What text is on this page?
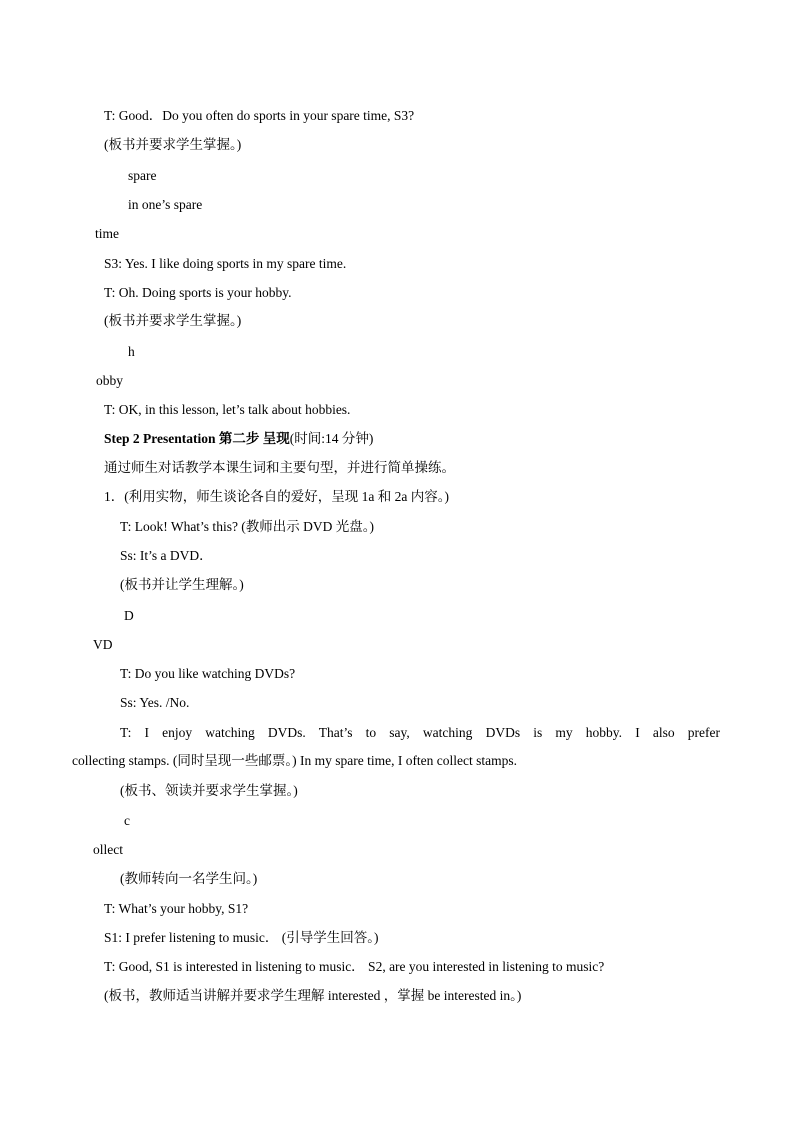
T: Good．Do you often do sports in your spare time, S3?
(板书并要求学生掌握。)
spare
in one’s spare
time
S3: Yes. I like doing sports in my spare time.
T: Oh. Doing sports is your hobby.
(板书并要求学生掌握。)
h
obby
T: OK, in this lesson, let’s talk about hobbies.
Step 2 Presentation 第二步 呈现(时间:14 分钟)
通过师生对话教学本课生词和主要句型，并进行简单操练。
1．(利用实物，师生谈论各自的爱好，呈现 1a 和 2a 内容。)
T: Look! What’s this? (教师出示 DVD 光盘。)
Ss: It’s a DVD．
(板书并让学生理解。)
D
VD
T: Do you like watching DVDs?
Ss: Yes. /No.
T: I enjoy watching DVDs. That’s to say, watching DVDs is my hobby. I also prefer
collecting stamps. (同时呈现一些邮票。) In my spare time, I often collect stamps.
(板书、领读并要求学生掌握。)
c
ollect
(教师转向一名学生问。)
T: What’s your hobby, S1?
S1: I prefer listening to music． (引导学生回答。)
T: Good, S1 is interested in listening to music． S2, are you interested in listening to music?
(板书，教师适当讲解并要求学生理解 interested ，掌握 be interested in。)
